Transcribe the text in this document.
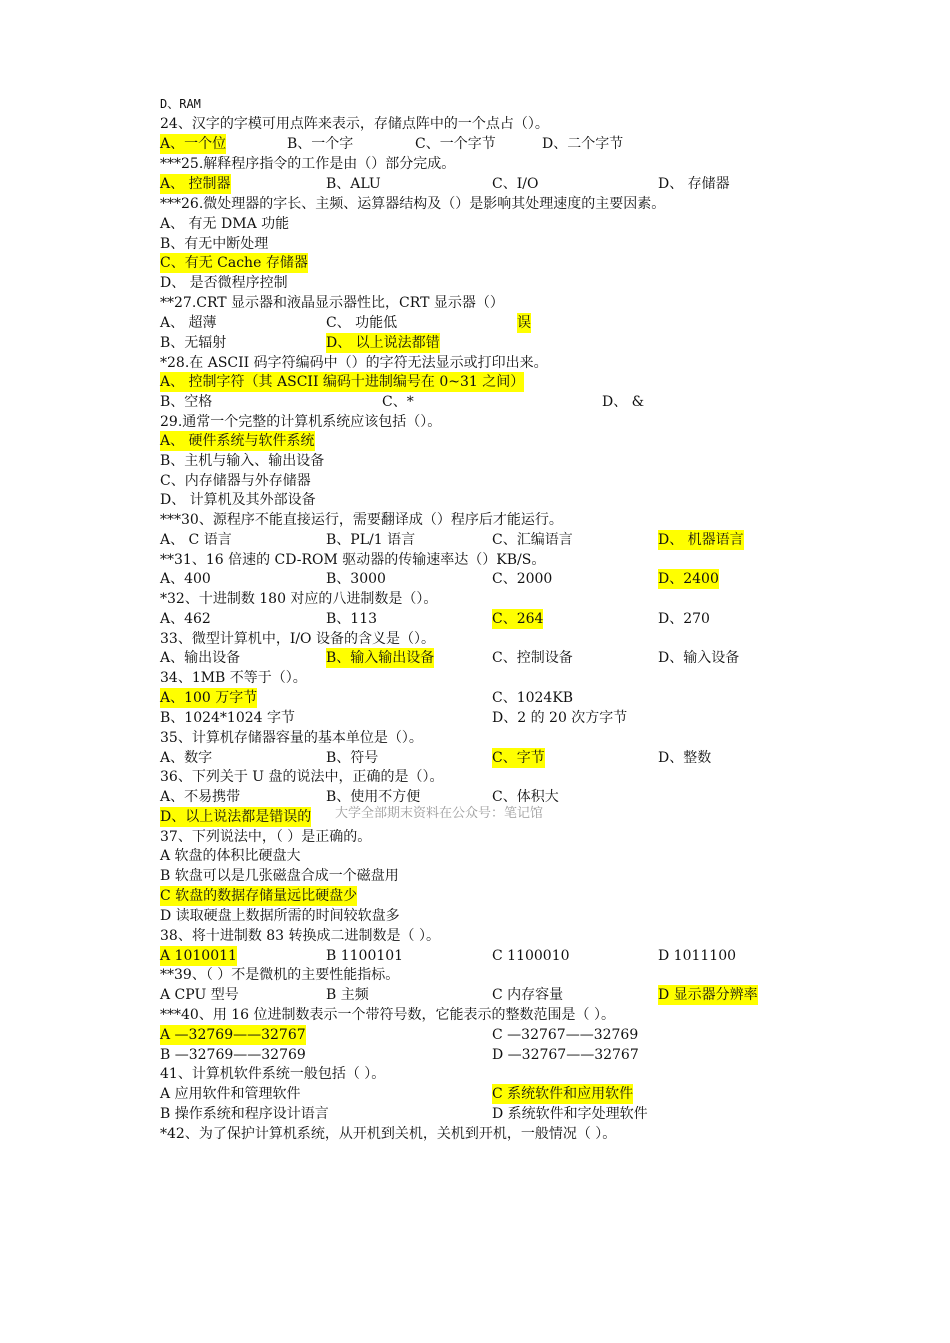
D、RAM
24、汉字的字模可用点阵来表示，存储点阵中的一个点占（）。
A、一个位	B、一个字	C、一个字节	D、二个字节
***25.解释程序指令的工作是由（）部分完成。
A、 控制器	B、ALU	C、I/O	D、 存储器
***26.微处理器的字长、主频、运算器结构及（）是影响其处理速度的主要因素。
A、 有无 DMA 功能
B、有无中断处理
C、有无 Cache 存储器
D、 是否微程序控制
**27.CRT 显示器和液晶显示器性比，CRT 显示器（）
A、 超薄	C、 功能低	误
B、无辐射	D、 以上说法都错
*28.在 ASCII 码字符编码中（）的字符无法显示或打印出来。
A、 控制字符（其 ASCII 编码十进制编号在 0~31 之间）
B、空格	C、*	D、 &
29.通常一个完整的计算机系统应该包括（）。
A、 硬件系统与软件系统
B、主机与输入、输出设备
C、内存储器与外存储器
D、 计算机及其外部设备
***30、源程序不能直接运行，需要翻译成（）程序后才能运行。
A、 C 语言	B、PL/1 语言	C、汇编语言	D、 机器语言
**31、16 倍速的 CD-ROM 驱动器的传输速率达（）KB/S。
A、400	B、3000	C、2000	D、2400
*32、十进制数 180 对应的八进制数是（）。
A、462	B、113	C、264	D、270
33、微型计算机中，I/O 设备的含义是（）。
A、输出设备	B、输入输出设备	C、控制设备	D、输入设备
34、1MB 不等于（）。
A、100 万字节	C、1024KB
B、1024*1024 字节	D、2 的 20 次方字节
35、计算机存储器容量的基本单位是（）。
A、数字	B、符号	C、字节	D、整数
36、下列关于 U 盘的说法中，正确的是（）。
A、不易携带	B、使用不方便	C、体积大
D、以上说法都是错误的
37、下列说法中，（ ）是正确的。
A 软盘的体积比硬盘大
B 软盘可以是几张磁盘合成一个磁盘用
C 软盘的数据存储量远比硬盘少
D 读取硬盘上数据所需的时间较软盘多
38、将十进制数 83 转换成二进制数是（ ）。
A 1010011	B 1100101	C 1100010	D 1011100
**39、（ ）不是微机的主要性能指标。
A CPU 型号	B 主频	C 内存容量	D 显示器分辨率
***40、用 16 位进制数表示一个带符号数，它能表示的整数范围是（ ）。
A —32769——32767	C —32767——32769
B —32769——32769	D —32767——32767
41、计算机软件系统一般包括（ ）。
A 应用软件和管理软件	C 系统软件和应用软件
B 操作系统和程序设计语言	D 系统软件和字处理软件
*42、为了保护计算机系统，从开机到关机，关机到开机，一般情况（ ）。
大学全部期末资料在公众号：笔记馆
